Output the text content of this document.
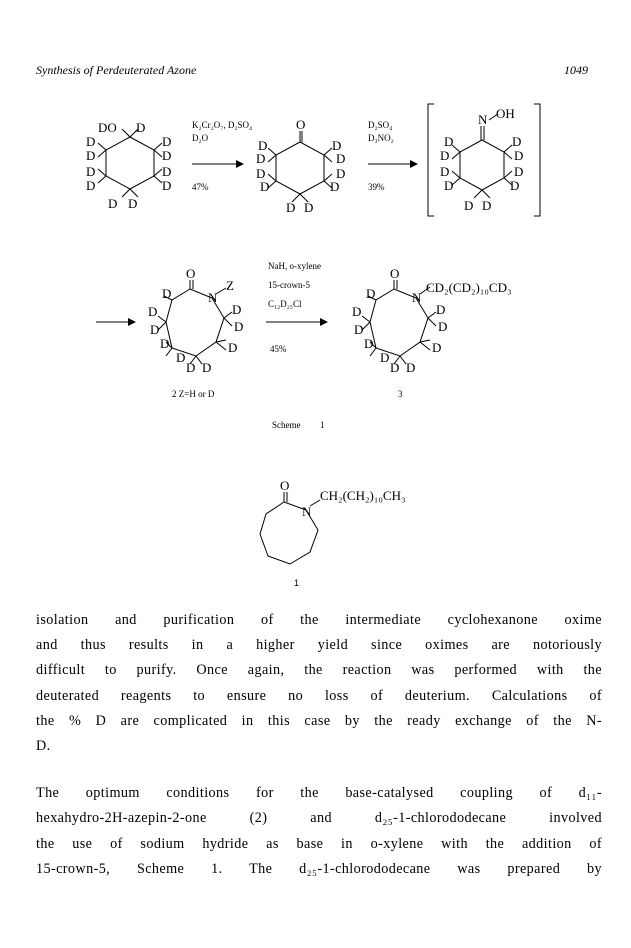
Synthesis of Perdeuterated Azone	1049
DO D
D
D
D
D
D D
D
D
D
D
O
D
D
D
D
D D
D
D
D
D
N OH
D
D
D
D
D D
D
D
D
D
O
N
Z
D
D
D
D
D
D
D
D
D D
O
N
D
D
D
D
D
D
D
D
D D
CD₂(CD₂)₁₀CD₃
K₂Cr₂O₇, D₂SO₄
D₂O
47%
D₂SO₄
D₃NO₂
39%
NaH, o-xylene
15-crown-5
C₁₂D₂₅Cl
45%
2 Z=H or D	3
Scheme 1
O
N
CH₂(CH₂)₁₀CH₃
1

isolation and purification of the intermediate cyclohexanone oxime

and thus results in a higher yield since oximes are notoriously

difficult to purify. Once again, the reaction was performed with the

deuterated reagents to ensure no loss of deuterium. Calculations of

the % D are complicated in this case by the ready exchange of the N-

D.

The optimum conditions for the base-catalysed coupling of d₁₁-

hexahydro-2H-azepin-2-one (2) and d₂₅-1-chlorododecane involved

the use of sodium hydride as base in o-xylene with the addition of

15-crown-5, Scheme 1. The d₂₅-1-chlorododecane was prepared by
